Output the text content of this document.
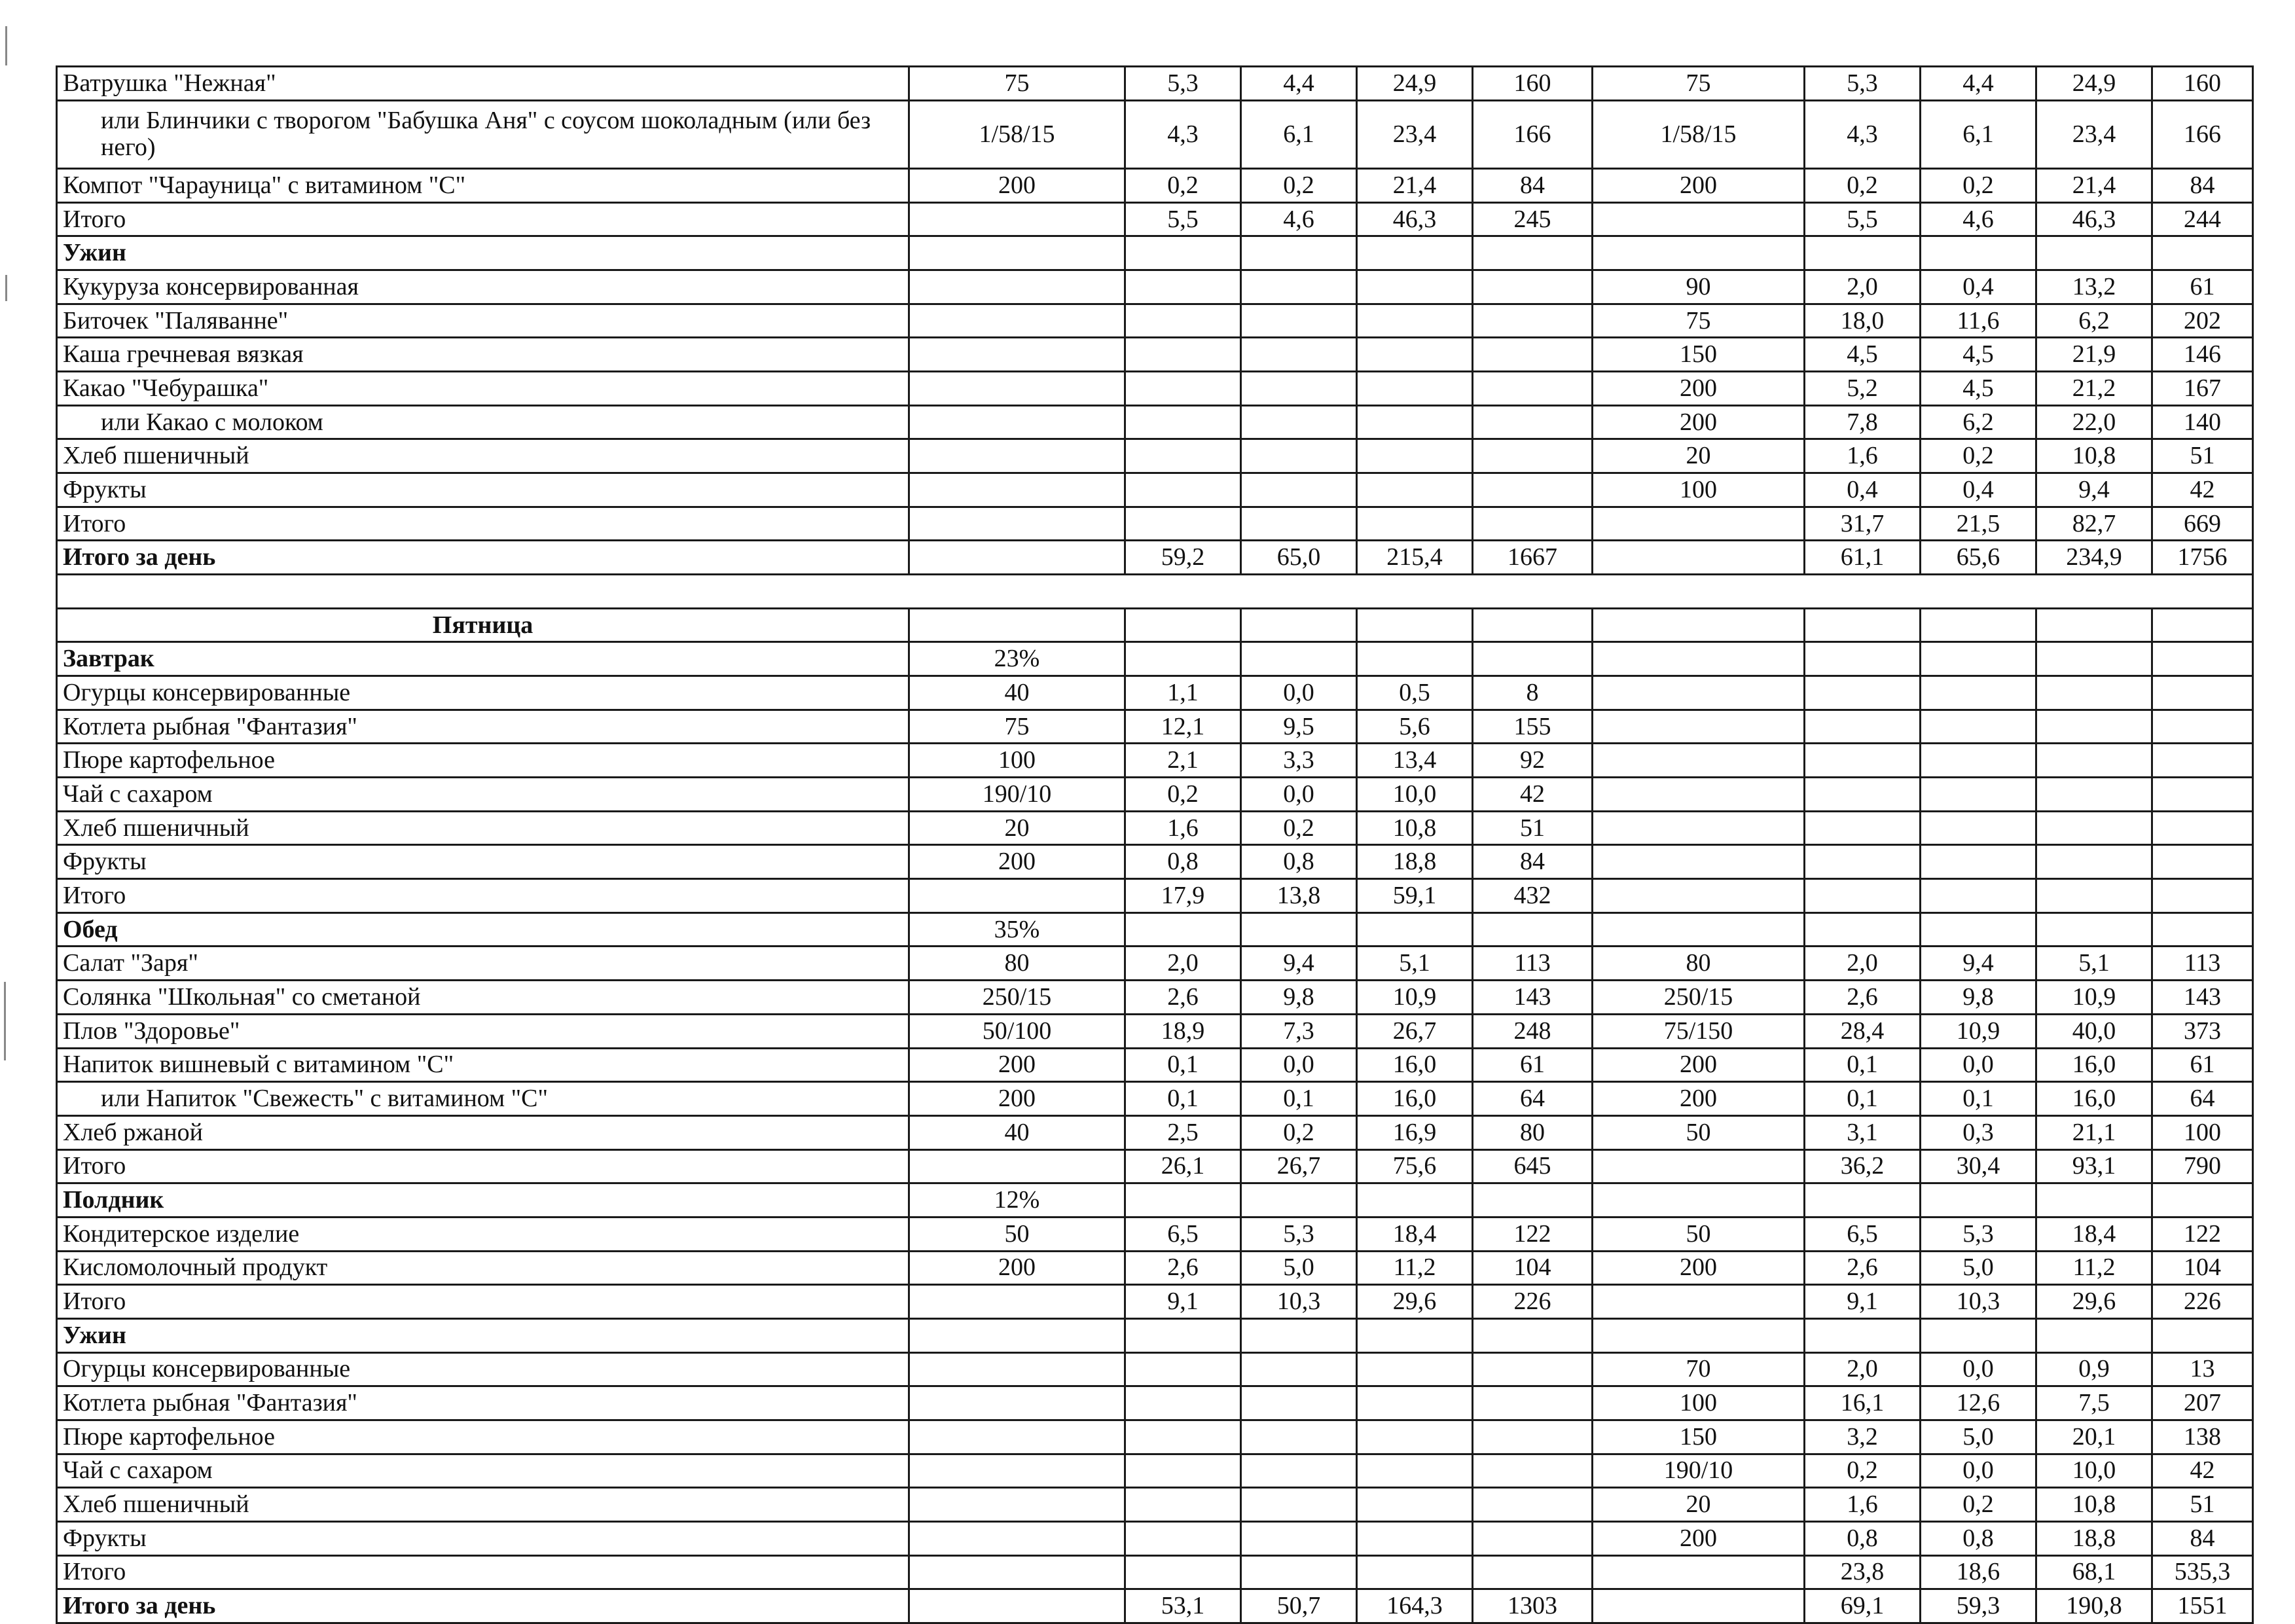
Ватрушка "Нежная"	75	5,3	4,4	24,9	160	75	5,3	4,4	24,9	160
или Блинчики с творогом "Бабушка Аня" с соусом шоколадным (или без него)	1/58/15	4,3	6,1	23,4	166	1/58/15	4,3	6,1	23,4	166
Компот "Чарауница" с витамином "С"	200	0,2	0,2	21,4	84	200	0,2	0,2	21,4	84
Итого		5,5	4,6	46,3	245		5,5	4,6	46,3	244
Ужин										
Кукуруза консервированная						90	2,0	0,4	13,2	61
Биточек "Паляванне"						75	18,0	11,6	6,2	202
Каша гречневая вязкая						150	4,5	4,5	21,9	146
Какао "Чебурашка"						200	5,2	4,5	21,2	167
или Какао с молоком						200	7,8	6,2	22,0	140
Хлеб пшеничный						20	1,6	0,2	10,8	51
Фрукты						100	0,4	0,4	9,4	42
Итого							31,7	21,5	82,7	669
Итого за день		59,2	65,0	215,4	1667		61,1	65,6	234,9	1756

Пятница										
Завтрак	23%									
Огурцы консервированные	40	1,1	0,0	0,5	8					
Котлета рыбная "Фантазия"	75	12,1	9,5	5,6	155					
Пюре картофельное	100	2,1	3,3	13,4	92					
Чай с сахаром	190/10	0,2	0,0	10,0	42					
Хлеб пшеничный	20	1,6	0,2	10,8	51					
Фрукты	200	0,8	0,8	18,8	84					
Итого		17,9	13,8	59,1	432					
Обед	35%									
Салат "Заря"	80	2,0	9,4	5,1	113	80	2,0	9,4	5,1	113
Солянка "Школьная" со сметаной	250/15	2,6	9,8	10,9	143	250/15	2,6	9,8	10,9	143
Плов "Здоровье"	50/100	18,9	7,3	26,7	248	75/150	28,4	10,9	40,0	373
Напиток вишневый с витамином "С"	200	0,1	0,0	16,0	61	200	0,1	0,0	16,0	61
или Напиток "Свежесть" с витамином "С"	200	0,1	0,1	16,0	64	200	0,1	0,1	16,0	64
Хлеб ржаной	40	2,5	0,2	16,9	80	50	3,1	0,3	21,1	100
Итого		26,1	26,7	75,6	645		36,2	30,4	93,1	790
Полдник	12%									
Кондитерское изделие	50	6,5	5,3	18,4	122	50	6,5	5,3	18,4	122
Кисломолочный продукт	200	2,6	5,0	11,2	104	200	2,6	5,0	11,2	104
Итого		9,1	10,3	29,6	226		9,1	10,3	29,6	226
Ужин										
Огурцы консервированные						70	2,0	0,0	0,9	13
Котлета рыбная "Фантазия"						100	16,1	12,6	7,5	207
Пюре картофельное						150	3,2	5,0	20,1	138
Чай с сахаром						190/10	0,2	0,0	10,0	42
Хлеб пшеничный						20	1,6	0,2	10,8	51
Фрукты						200	0,8	0,8	18,8	84
Итого							23,8	18,6	68,1	535,3
Итого за день		53,1	50,7	164,3	1303		69,1	59,3	190,8	1551
